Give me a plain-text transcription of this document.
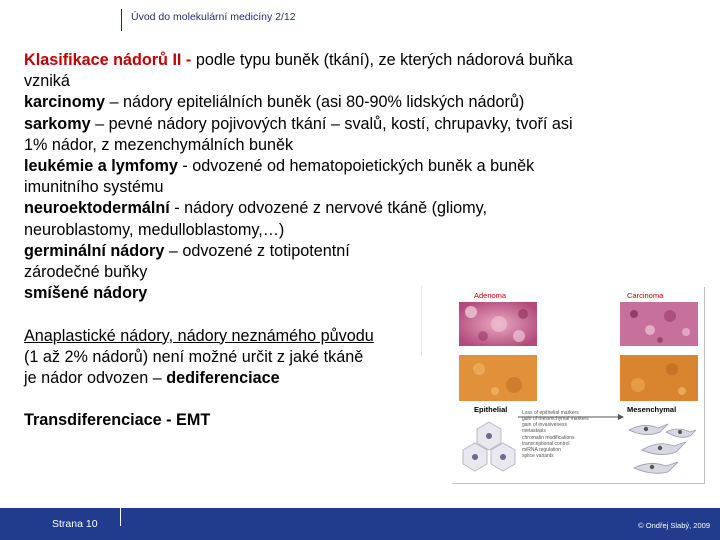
Úvod do molekulární medicíny 2/12
Klasifikace nádorů II - podle typu buněk (tkání), ze kterých nádorová buňka
vzniká
karcinomy – nádory epiteliálních buněk (asi 80-90% lidských nádorů)
sarkomy – pevné nádory pojivových tkání – svalů, kostí, chrupavky, tvoří asi
1% nádor, z mezenchymálních buněk
leukémie a lymfomy - odvozené od hematopoietických buněk a buněk
imunitního systému
neuroektodermální - nádory odvozené z nervové tkáně (gliomy,
neuroblastomy, medulloblastomy,…)
germinální nádory – odvozené z totipotentní
zárodečné buňky
smíšené nádory
Anaplastické nádory, nádory neznámého původu
(1 až 2% nádorů) není možné určit z jaké tkáně
je nádor odvozen – dediferenciace
Transdiferenciace - EMT
Adenoma	Carcinoma
Epithelial	Mesenchymal
Loss of epithelial markers
gain of mesenchymal markers
gain of invasiveness
metastasis
chromatin modifications
transcriptional control
miRNA regulation
splice variants
Strana 10	© Ondřej Slabý, 2009
